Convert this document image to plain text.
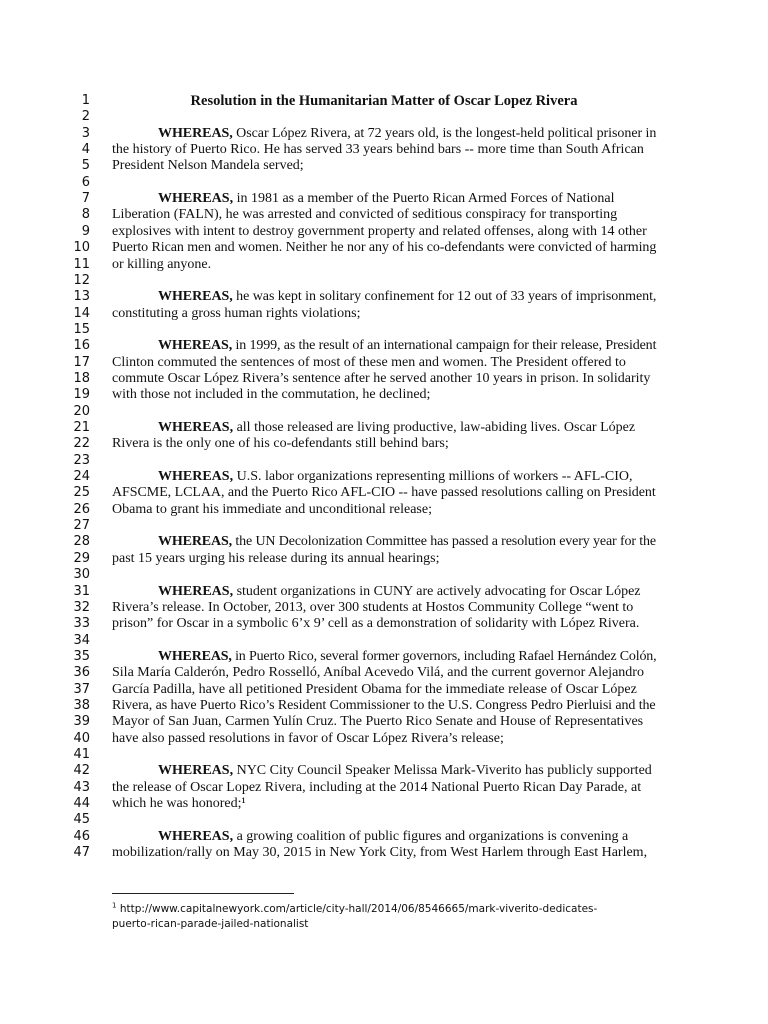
Resolution in the Humanitarian Matter of Oscar Lopez Rivera
1
2
3	WHEREAS, Oscar López Rivera, at 72 years old, is the longest-held political prisoner in
4 the history of Puerto Rico. He has served 33 years behind bars -- more time than South African
5 President Nelson Mandela served;
6
7	WHEREAS, in 1981 as a member of the Puerto Rican Armed Forces of National
8 Liberation (FALN), he was arrested and convicted of seditious conspiracy for transporting
9 explosives with intent to destroy government property and related offenses, along with 14 other
10 Puerto Rican men and women. Neither he nor any of his co-defendants were convicted of harming
11 or killing anyone.
12
13	WHEREAS, he was kept in solitary confinement for 12 out of 33 years of imprisonment,
14 constituting a gross human rights violations;
15
16	WHEREAS, in 1999, as the result of an international campaign for their release, President
17 Clinton commuted the sentences of most of these men and women. The President offered to
18 commute Oscar López Rivera’s sentence after he served another 10 years in prison. In solidarity
19 with those not included in the commutation, he declined;
20
21	WHEREAS, all those released are living productive, law-abiding lives. Oscar López
22 Rivera is the only one of his co-defendants still behind bars;
23
24	WHEREAS, U.S. labor organizations representing millions of workers -- AFL-CIO,
25 AFSCME, LCLAA, and the Puerto Rico AFL-CIO -- have passed resolutions calling on President
26 Obama to grant his immediate and unconditional release;
27
28	WHEREAS, the UN Decolonization Committee has passed a resolution every year for the
29 past 15 years urging his release during its annual hearings;
30
31	WHEREAS, student organizations in CUNY are actively advocating for Oscar López
32 Rivera’s release. In October, 2013, over 300 students at Hostos Community College “went to
33 prison” for Oscar in a symbolic 6’x 9’ cell as a demonstration of solidarity with López Rivera.
34
35	WHEREAS, in Puerto Rico, several former governors, including Rafael Hernández Colón,
36 Sila María Calderón, Pedro Rosselló, Aníbal Acevedo Vilá, and the current governor Alejandro
37 García Padilla, have all petitioned President Obama for the immediate release of Oscar López
38 Rivera, as have Puerto Rico’s Resident Commissioner to the U.S. Congress Pedro Pierluisi and the
39 Mayor of San Juan, Carmen Yulín Cruz. The Puerto Rico Senate and House of Representatives
40 have also passed resolutions in favor of Oscar López Rivera’s release;
41
42	WHEREAS, NYC City Council Speaker Melissa Mark-Viverito has publicly supported
43 the release of Oscar Lopez Rivera, including at the 2014 National Puerto Rican Day Parade, at
44 which he was honored;¹
45
46	WHEREAS, a growing coalition of public figures and organizations is convening a
47 mobilization/rally on May 30, 2015 in New York City, from West Harlem through East Harlem,
$^1$ http://www.capitalnewyork.com/article/city-hall/2014/06/8546665/mark-viverito-dedicates-
puerto-rican-parade-jailed-nationalist
